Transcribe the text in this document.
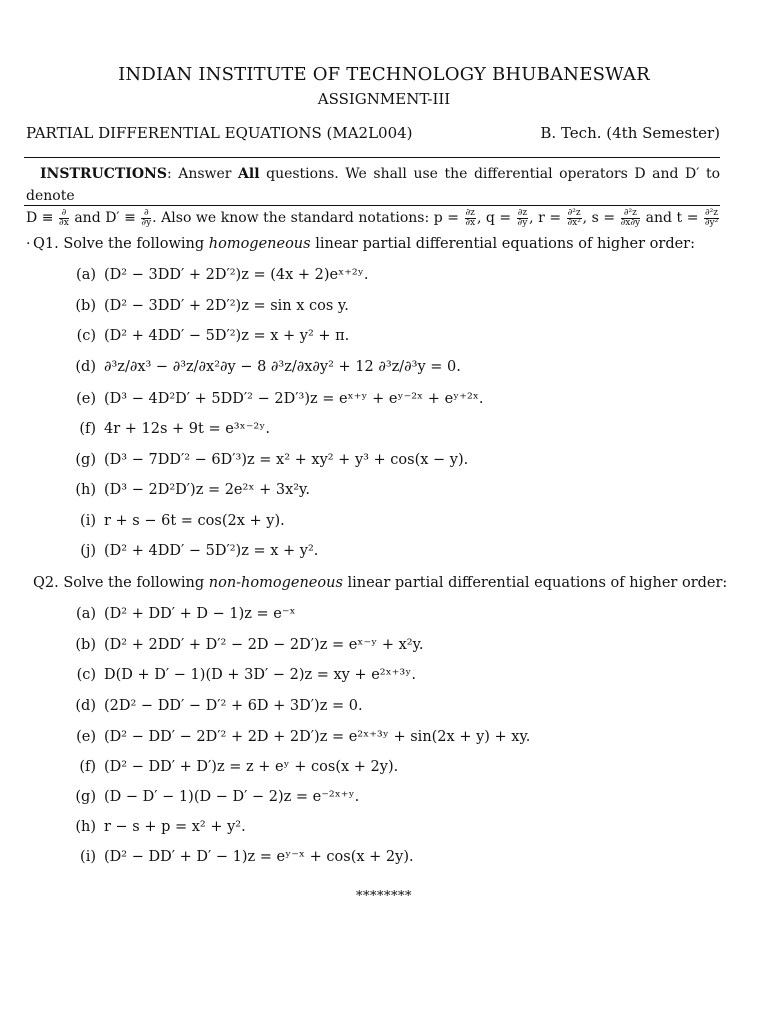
INDIAN INSTITUTE OF TECHNOLOGY BHUBANESWAR
ASSIGNMENT-III
PARTIAL DIFFERENTIAL EQUATIONS (MA2L004)	B. Tech. (4th Semester)
INSTRUCTIONS: Answer All questions. We shall use the differential operators D and D′ to denote
$D \equiv \frac{\partial}{\partial x}$ and $D' \equiv \frac{\partial}{\partial y}$ . Also we know the standard notations: $p = \frac{\partial z}{\partial x}$ , $q = \frac{\partial z}{\partial y}$ , $r = \frac{\text{∂²z}}{\text{∂x²}}$ , $s = \frac{\text{∂²z}}{\partial x\partial y}$ and $t = \frac{\text{∂²z}}{\text{∂y²}}$
. Q1. Solve the following homogeneous linear partial differential equations of higher order:
(a) (D² − 3DD′ + 2D′²)z = (4x + 2)eˣ⁺²ʸ.
(b) (D² − 3DD′ + 2D′²)z = sin x cos y.
(c) (D² + 4DD′ − 5D′²)z = x + y² + π.
(d) ∂³z/∂x³ − ∂³z/∂x²∂y − 8 ∂³z/∂x∂y² + 12 ∂³z/∂³y = 0.
(e) (D³ − 4D²D′ + 5DD′² − 2D′³)z = eˣ⁺ʸ + eʸ⁻²ˣ + eʸ⁺²ˣ.
(f) 4r + 12s + 9t = e³ˣ⁻²ʸ.
(g) (D³ − 7DD′² − 6D′³)z = x² + xy² + y³ + cos(x − y).
(h) (D³ − 2D²D′)z = 2e²ˣ + 3x²y.
(i) r + s − 6t = cos(2x + y).
(j) (D² + 4DD′ − 5D′²)z = x + y².
Q2. Solve the following non-homogeneous linear partial differential equations of higher order:
(a) (D² + DD′ + D − 1)z = e⁻ˣ
(b) (D² + 2DD′ + D′² − 2D − 2D′)z = eˣ⁻ʸ + x²y.
(c) D(D + D′ − 1)(D + 3D′ − 2)z = xy + e²ˣ⁺³ʸ.
(d) (2D² − DD′ − D′² + 6D + 3D′)z = 0.
(e) (D² − DD′ − 2D′² + 2D + 2D′)z = e²ˣ⁺³ʸ + sin(2x + y) + xy.
(f) (D² − DD′ + D′)z = z + eʸ + cos(x + 2y).
(g) (D − D′ − 1)(D − D′ − 2)z = e⁻²ˣ⁺ʸ.
(h) r − s + p = x² + y².
(i) (D² − DD′ + D′ − 1)z = eʸ⁻ˣ + cos(x + 2y).
********
